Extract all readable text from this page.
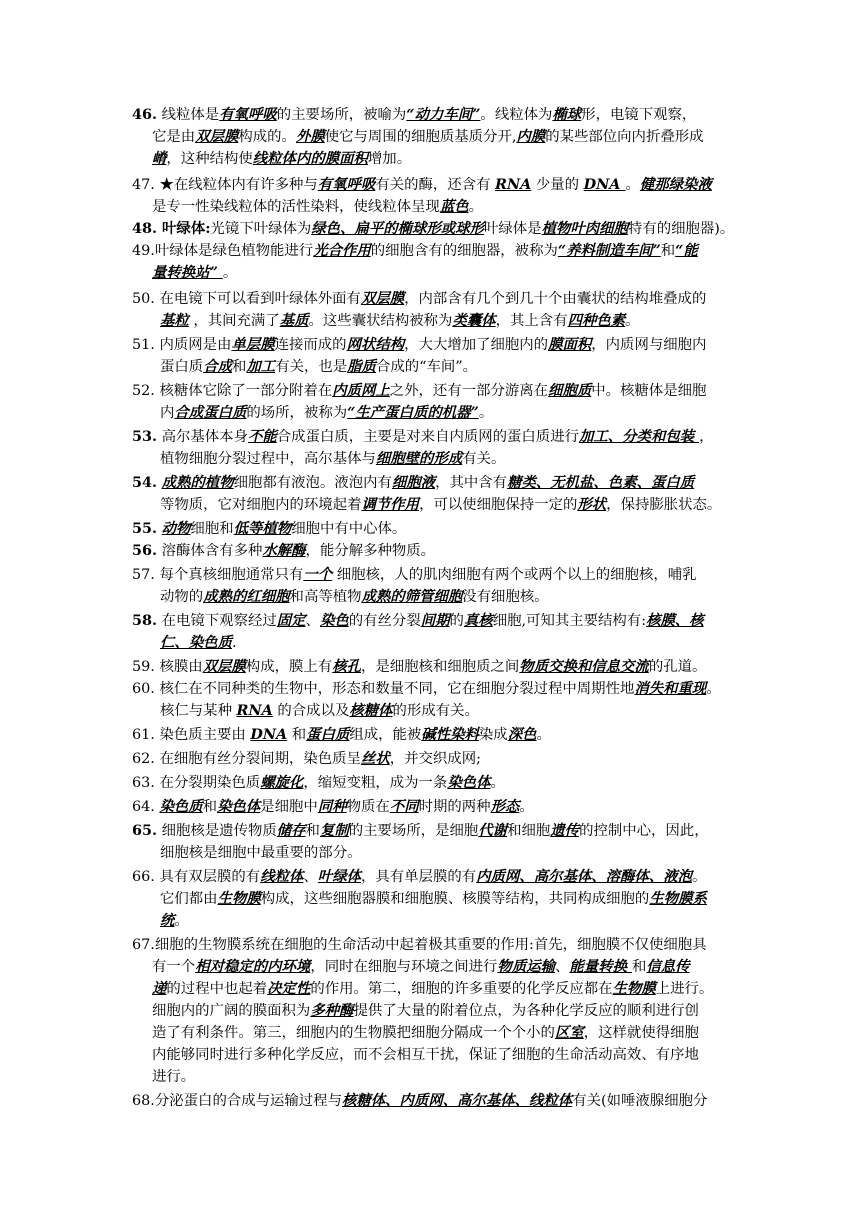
46. 线粒体是有氧呼吸的主要场所，被喻为“动力车间”。线粒体为椭球形，电镜下观察，
它是由双层膜构成的。外膜使它与周围的细胞质基质分开,内膜的某些部位向内折叠形成
嵴，这种结构使线粒体内的膜面积增加。
47. ★在线粒体内有许多种与有氧呼吸有关的酶，还含有 RNA 少量的 DNA 。健那绿染液
是专一性染线粒体的活性染料，使线粒体呈现蓝色。
48. 叶绿体:光镜下叶绿体为绿色、扁平的椭球形或球形叶绿体是植物叶肉细胞特有的细胞器)。
49.叶绿体是绿色植物能进行光合作用的细胞含有的细胞器，被称为“养料制造车间”和“能
量转换站” 。
50. 在电镜下可以看到叶绿体外面有双层膜，内部含有几个到几十个由囊状的结构堆叠成的
基粒 ，其间充满了基质。这些囊状结构被称为类囊体，其上含有四种色素。
51. 内质网是由单层膜连接而成的网状结构，大大增加了细胞内的膜面积，内质网与细胞内
蛋白质合成和加工有关，也是脂质合成的“车间”。
52. 核糖体它除了一部分附着在内质网上之外，还有一部分游离在细胞质中。核糖体是细胞
内合成蛋白质的场所，被称为“生产蛋白质的机器”。
53. 高尔基体本身不能合成蛋白质，主要是对来自内质网的蛋白质进行加工、分类和包装 ，
植物细胞分裂过程中，高尔基体与细胞壁的形成有关。
54. 成熟的植物细胞都有液泡。液泡内有细胞液，其中含有糖类、无机盐、色素、蛋白质
等物质，它对细胞内的环境起着调节作用，可以使细胞保持一定的形状，保持膨胀状态。
55. 动物细胞和低等植物细胞中有中心体。
56. 溶酶体含有多种水解酶，能分解多种物质。
57. 每个真核细胞通常只有一个 细胞核，人的肌肉细胞有两个或两个以上的细胞核，哺乳
动物的成熟的红细胞和高等植物成熟的筛管细胞没有细胞核。
58. 在电镜下观察经过固定、染色的有丝分裂间期的真核细胞,可知其主要结构有:核膜、核
仁、染色质.
59. 核膜由双层膜构成，膜上有核孔，是细胞核和细胞质之间物质交换和信息交流的孔道。
60. 核仁在不同种类的生物中，形态和数量不同，它在细胞分裂过程中周期性地消失和重现。
核仁与某种 RNA 的合成以及核糖体的形成有关。
61. 染色质主要由 DNA 和蛋白质组成，能被碱性染料染成深色。
62. 在细胞有丝分裂间期，染色质呈丝状，并交织成网;
63. 在分裂期染色质螺旋化，缩短变粗，成为一条染色体。
64. 染色质和染色体是细胞中同种物质在不同时期的两种形态。
65. 细胞核是遗传物质储存和复制的主要场所，是细胞代谢和细胞遗传的控制中心，因此，
细胞核是细胞中最重要的部分。
66. 具有双层膜的有线粒体、叶绿体，具有单层膜的有内质网、高尔基体、溶酶体、液泡。
它们都由生物膜构成，这些细胞器膜和细胞膜、核膜等结构，共同构成细胞的生物膜系
统。
67.细胞的生物膜系统在细胞的生命活动中起着极其重要的作用:首先，细胞膜不仅使细胞具
有一个相对稳定的内环境，同时在细胞与环境之间进行物质运输、能量转换 和信息传
递的过程中也起着决定性的作用。第二，细胞的许多重要的化学反应都在生物膜上进行。
细胞内的广阔的膜面积为多种酶提供了大量的附着位点，为各种化学反应的顺利进行创
造了有利条件。第三，细胞内的生物膜把细胞分隔成一个个小的区室，这样就使得细胞
内能够同时进行多种化学反应，而不会相互干扰，保证了细胞的生命活动高效、有序地
进行。
68.分泌蛋白的合成与运输过程与核糖体、内质网、高尔基体、线粒体有关(如唾液腺细胞分
